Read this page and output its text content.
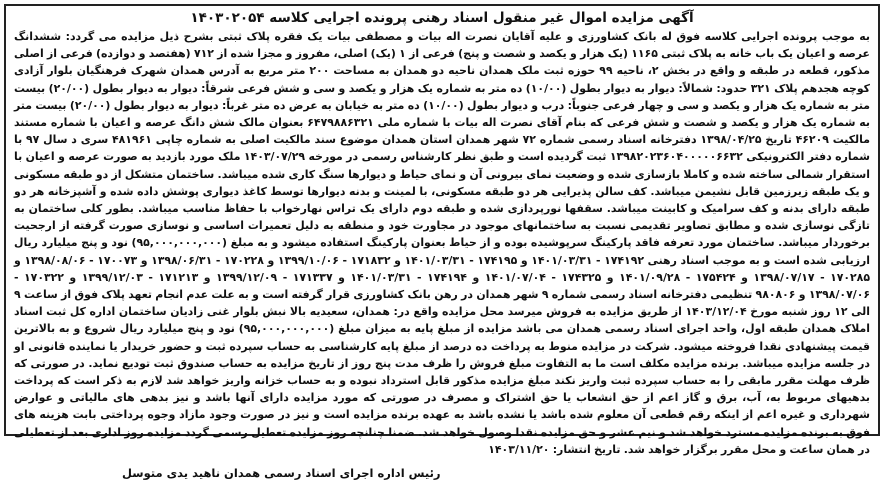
آگهی مزایده اموال غیر منقول اسناد رهنی پرونده اجرایی کلاسه ۱۴۰۳۰۲۰۵۴

به موجب پرونده اجرایی کلاسه فوق له بانک کشاورزی و علیه آقایان نصرت اله بیات و مصطفی بیات یک فقره پلاک ثبتی بشرح ذیل مزایده می گردد: ششدانگ عرصه و اعیان یک باب خانه به پلاک ثبتی ۱۱۶۵ (یک هزار و یکصد و شصت و پنج) فرعی از ۱ (یک) اصلی، مفروز و مجزا شده از ۷۱۲ (هفتصد و دوازده) فرعی از اصلی مذکور، قطعه در طبقه و واقع در بخش ۲، ناحیه ۹۹ حوزه ثبت ملک همدان ناحیه دو همدان به مساحت ۲۰۰ متر مربع به آدرس همدان شهرک فرهنگیان بلوار آزادی کوچه هجدهم پلاک ۳۲۱ حدود: شمالاً: دیوار به دیوار بطول (۱۰/۰۰) ده متر به شماره یک هزار و یکصد و سی و شش فرعی شرقاً: دیوار به دیوار بطول (۲۰/۰۰) بیست متر به شماره یک هزار و یکصد و سی و چهار فرعی جنوباً: درب و دیوار بطول (۱۰/۰۰) ده متر به خیابان به عرض ده متر غرباً: دیوار به دیوار بطول (۲۰/۰۰) بیست متر به شماره یک هزار و یکصد و شصت و شش فرعی که بنام آقای نصرت اله بیات با شماره ملی ۶۴۷۹۸۸۶۳۲۱ بعنوان مالک شش دانگ عرصه و اعیان با شماره مستند مالکیت ۴۶۲۰۹ تاریخ ۱۳۹۸/۰۴/۲۵ دفترخانه اسناد رسمی شماره ۷۲ شهر همدان استان همدان موضوع سند مالکیت اصلی به شماره چاپی ۴۸۱۹۶۱ سری د سال ۹۷ با شماره دفتر الکترونیکی ۱۳۹۸۲۰۲۳۶۰۴۰۰۰۰۰۶۶۳۲ ثبت گردیده است و طبق نظر کارشناس رسمی در مورخه ۱۴۰۳/۰۷/۲۹ ملک مورد بازدید به صورت عرصه و اعیان با استقرار شمالی ساخته شده و کاملا بازسازی شده و وضعیت نمای بیرونی آن و نمای حیاط و دیوارها سنگ کاری شده میباشد. ساختمان متشکل از دو طبقه مسکونی و یک طبقه زیرزمین قابل نشیمن میباشد. کف سالن پذیرایی هر دو طبقه مسکونی، با لمینت و بدنه دیوارها توسط کاغذ دیواری پوشش داده شده و آشپزخانه هر دو طبقه دارای بدنه و کف سرامیک و کابینت میباشد. سقفها نورپردازی شده و طبقه دوم دارای یک تراس نهارخواب با حفاظ مناسب میباشد. بطور کلی ساختمان به تازگی نوسازی شده و مطابق تصاویر تقدیمی نسبت به ساختمانهای موجود در مجاورت خود و منطقه به دلیل تعمیرات اساسی و نوسازی صورت گرفته از ارجحیت برخوردار میباشد. ساختمان مورد تعرفه فاقد پارکینگ سرپوشیده بوده و از حیاط بعنوان پارکینگ استفاده میشود و به مبلغ (۹۵,۰۰۰,۰۰۰,۰۰۰) نود و پنج میلیارد ریال ارزیابی شده است و به موجب اسناد رهنی ۱۷۴۱۹۲ - ۱۴۰۱/۰۳/۳۱ و ۱۷۴۱۹۵ - ۱۴۰۱/۰۳/۳۱ و ۱۷۱۸۳۲ - ۱۳۹۹/۱۰/۰۶ و ۱۷۰۲۲۸ - ۱۳۹۸/۰۶/۳۱ و ۱۷۰۰۷۳ - ۱۳۹۸/۰۸/۰۶ و ۱۷۰۲۸۵ - ۱۳۹۸/۰۷/۱۷ و ۱۷۵۴۲۴ - ۱۴۰۱/۰۹/۲۸ و ۱۷۴۳۲۵ - ۱۴۰۱/۰۷/۰۴ و ۱۷۴۱۹۴ - ۱۴۰۱/۰۳/۳۱ و ۱۷۱۳۳۷ - ۱۳۹۹/۱۲/۰۹ و ۱۷۱۲۱۳ - ۱۳۹۹/۱۲/۰۳ و ۱۷۰۳۲۲ - ۱۳۹۸/۰۷/۰۶ و ۹۸۰۸۰۶ تنظیمی دفترخانه اسناد رسمی شماره ۹ شهر همدان در رهن بانک کشاورزی قرار گرفته است و به علت عدم انجام تعهد پلاک فوق از ساعت ۹ الی ۱۲ روز شنبه مورخ ۱۴۰۳/۱۲/۰۴ از طریق مزایده به فروش میرسد محل مزایده واقع در: همدان، سعیدیه بالا نبش بلوار غنی زادیان ساختمان اداره کل ثبت اسناد املاک همدان طبقه اول، واحد اجرای اسناد رسمی همدان می باشد مزایده از مبلغ پایه به میزان مبلغ (۹۵,۰۰۰,۰۰۰,۰۰۰) نود و پنج میلیارد ریال شروع و به بالاترین قیمت پیشنهادی نقدا فروخته میشود. شرکت در مزایده منوط به پرداخت ده درصد از مبلغ پایه کارشناسی به حساب سپرده ثبت و حضور خریدار یا نماینده قانونی او در جلسه مزایده میباشد. برنده مزایده مکلف است ما به التفاوت مبلغ فروش را ظرف مدت پنج روز از تاریخ مزایده به حساب صندوق ثبت تودیع نماید. در صورتی که ظرف مهلت مقرر مابقی را به حساب سپرده ثبت واریز نکند مبلغ مزایده مذکور قابل استرداد نبوده و به حساب خزانه واریز خواهد شد لازم به ذکر است که پرداخت بدهیهای مربوط به، آب، برق و گاز اعم از حق انشعاب یا حق اشتراک و مصرف در صورتی که مورد مزایده دارای آنها باشد و نیز بدهی های مالیاتی و عوارض شهرداری و غیره اعم از اینکه رقم قطعی آن معلوم شده باشد یا نشده باشد به عهده برنده مزایده است و نیز در صورت وجود مازاد وجوه پرداختی بابت هزینه های فوق به برنده مزایده مسترد خواهد شد و نیم عشر و حق مزایده نقدا وصول خواهد شد. ضمنا چنانچه روز مزایده تعطیل رسمی گردد مزایده روز اداری بعد از تعطیلی در همان ساعت و محل مقرر برگزار خواهد شد. تاریخ انتشار: ۱۴۰۳/۱۱/۲۰

رئیس اداره اجرای اسناد رسمی همدان ناهید یدی متوسل
